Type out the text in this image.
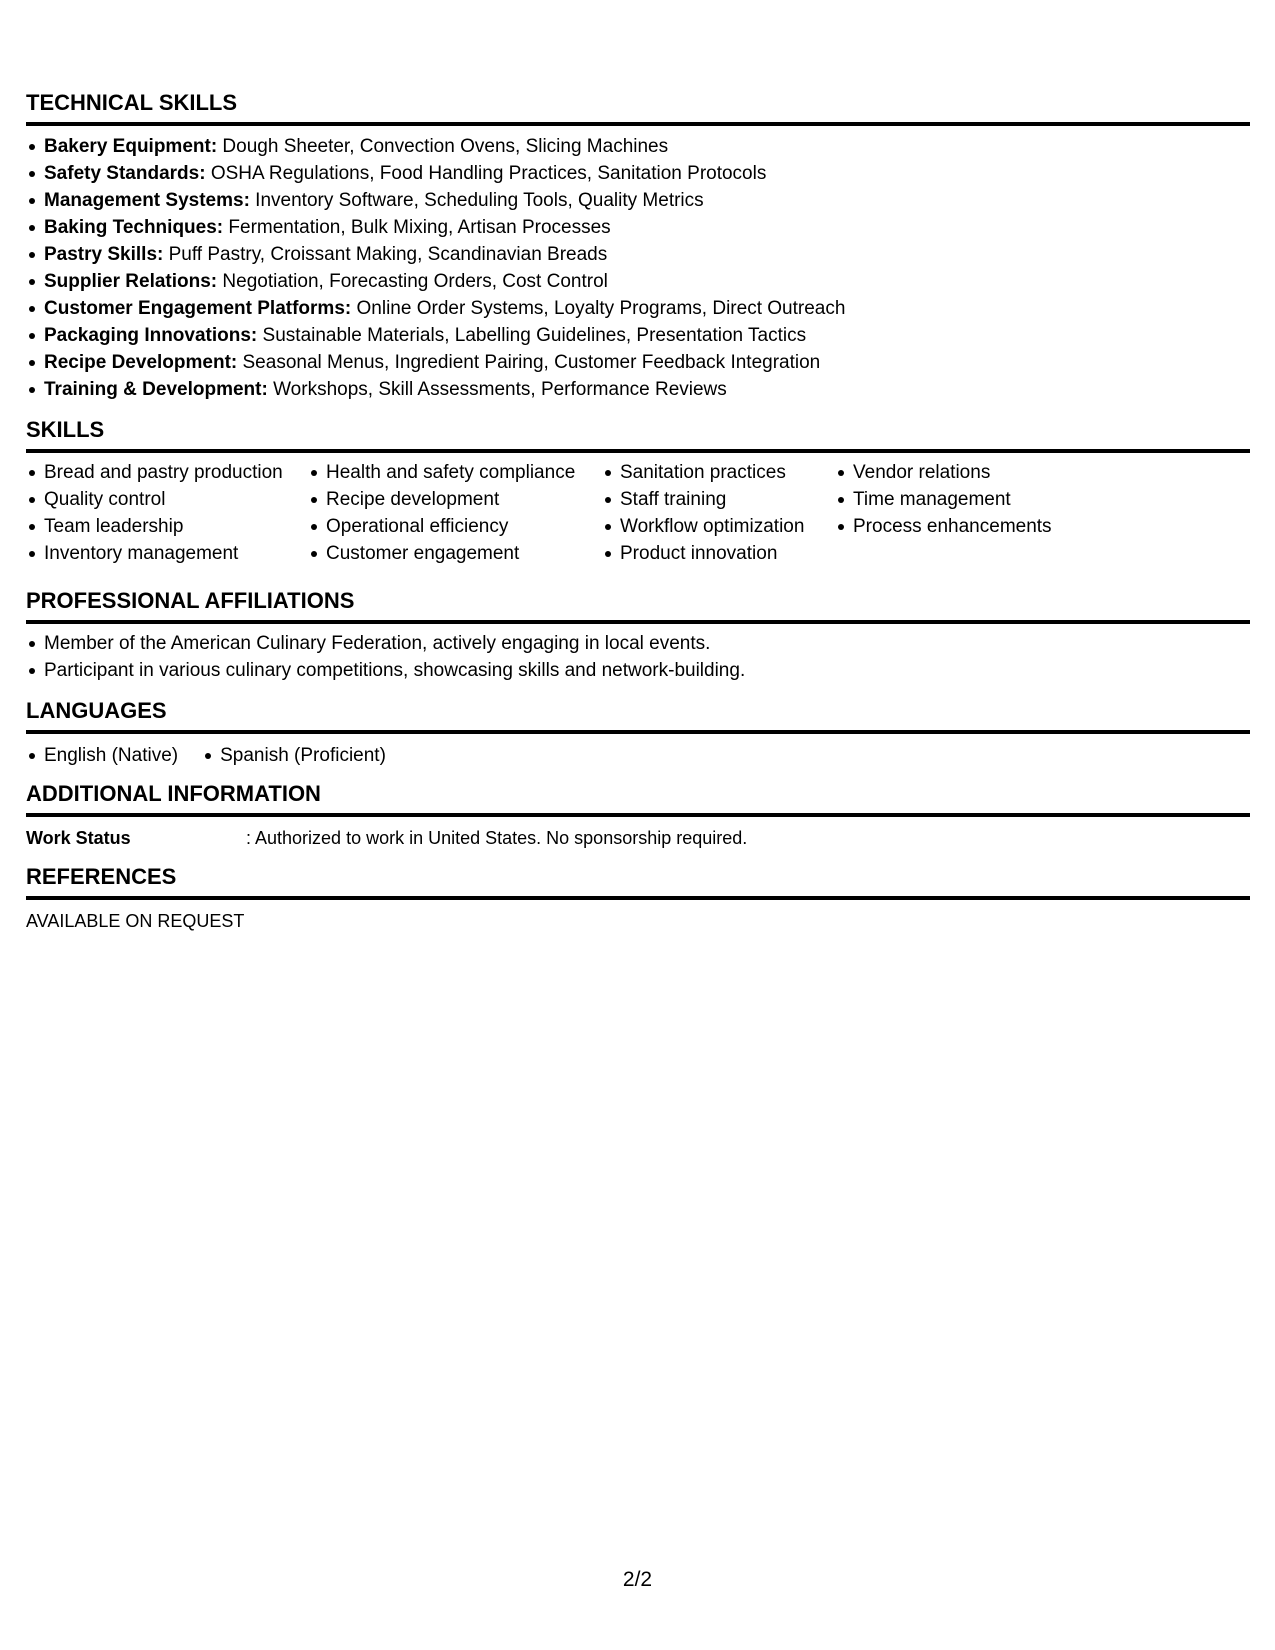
TECHNICAL SKILLS
Bakery Equipment: Dough Sheeter, Convection Ovens, Slicing Machines
Safety Standards: OSHA Regulations, Food Handling Practices, Sanitation Protocols
Management Systems: Inventory Software, Scheduling Tools, Quality Metrics
Baking Techniques: Fermentation, Bulk Mixing, Artisan Processes
Pastry Skills: Puff Pastry, Croissant Making, Scandinavian Breads
Supplier Relations: Negotiation, Forecasting Orders, Cost Control
Customer Engagement Platforms: Online Order Systems, Loyalty Programs, Direct Outreach
Packaging Innovations: Sustainable Materials, Labelling Guidelines, Presentation Tactics
Recipe Development: Seasonal Menus, Ingredient Pairing, Customer Feedback Integration
Training & Development: Workshops, Skill Assessments, Performance Reviews
SKILLS
Bread and pastry production
Quality control
Team leadership
Inventory management
Health and safety compliance
Recipe development
Operational efficiency
Customer engagement
Sanitation practices
Staff training
Workflow optimization
Product innovation
Vendor relations
Time management
Process enhancements
PROFESSIONAL AFFILIATIONS
Member of the American Culinary Federation, actively engaging in local events.
Participant in various culinary competitions, showcasing skills and network-building.
LANGUAGES
English (Native)	Spanish (Proficient)
ADDITIONAL INFORMATION
Work Status	: Authorized to work in United States. No sponsorship required.
REFERENCES
AVAILABLE ON REQUEST
2/2
